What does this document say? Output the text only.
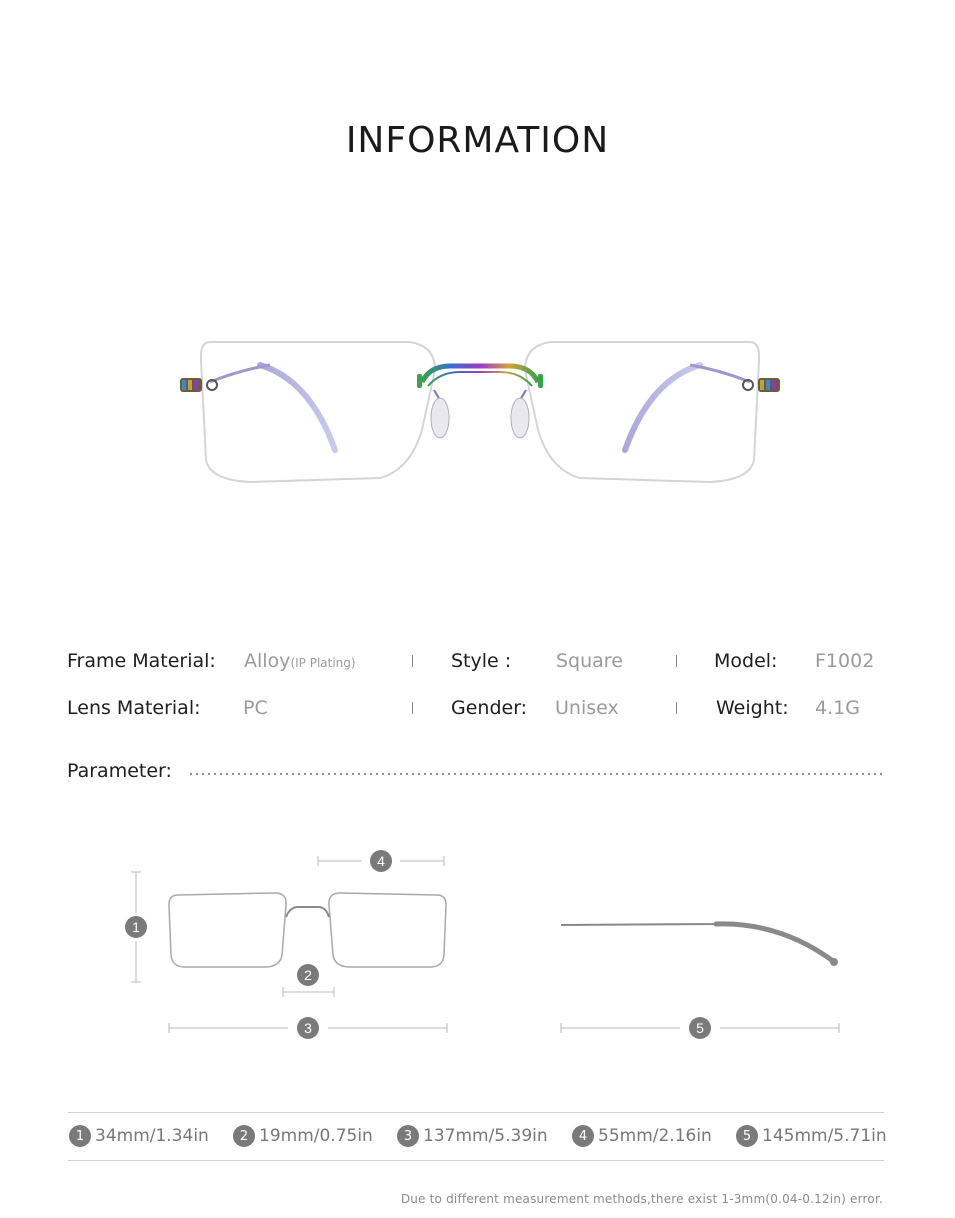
INFORMATION
Frame Material: Alloy(IP Plating)	Style : Square	Model: F1002
Lens Material: PC	Gender: Unisex	Weight: 4.1G
Parameter:
1
4
2
3	5
1 34mm/1.34in	2 19mm/0.75in	3 137mm/5.39in	4 55mm/2.16in	5 145mm/5.71in
Due to different measurement methods,there exist 1-3mm(0.04-0.12in) error.
